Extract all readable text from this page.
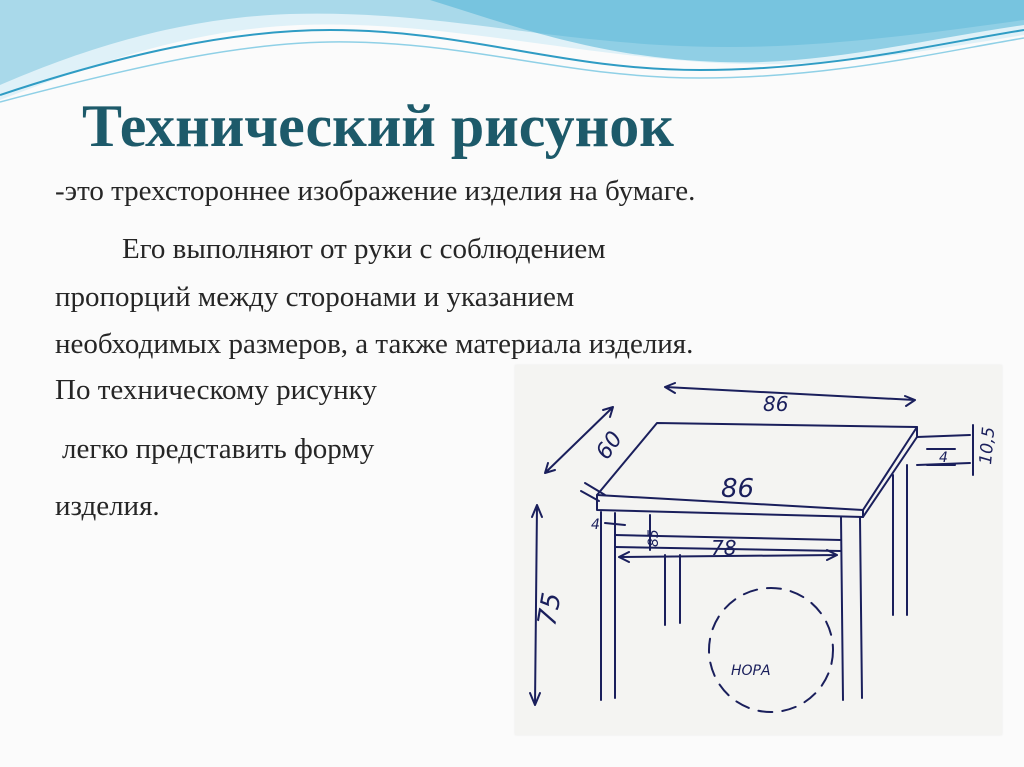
Технический рисунок
-это трехстороннее изображение изделия на бумаге.
Его выполняют от руки с соблюдением
пропорций между сторонами и указанием
необходимых размеров, а также материала изделия.
По техническому рисунку
легко представить форму
изделия.
86
86
60
75
78
85
10,5
4
4
НОРА
